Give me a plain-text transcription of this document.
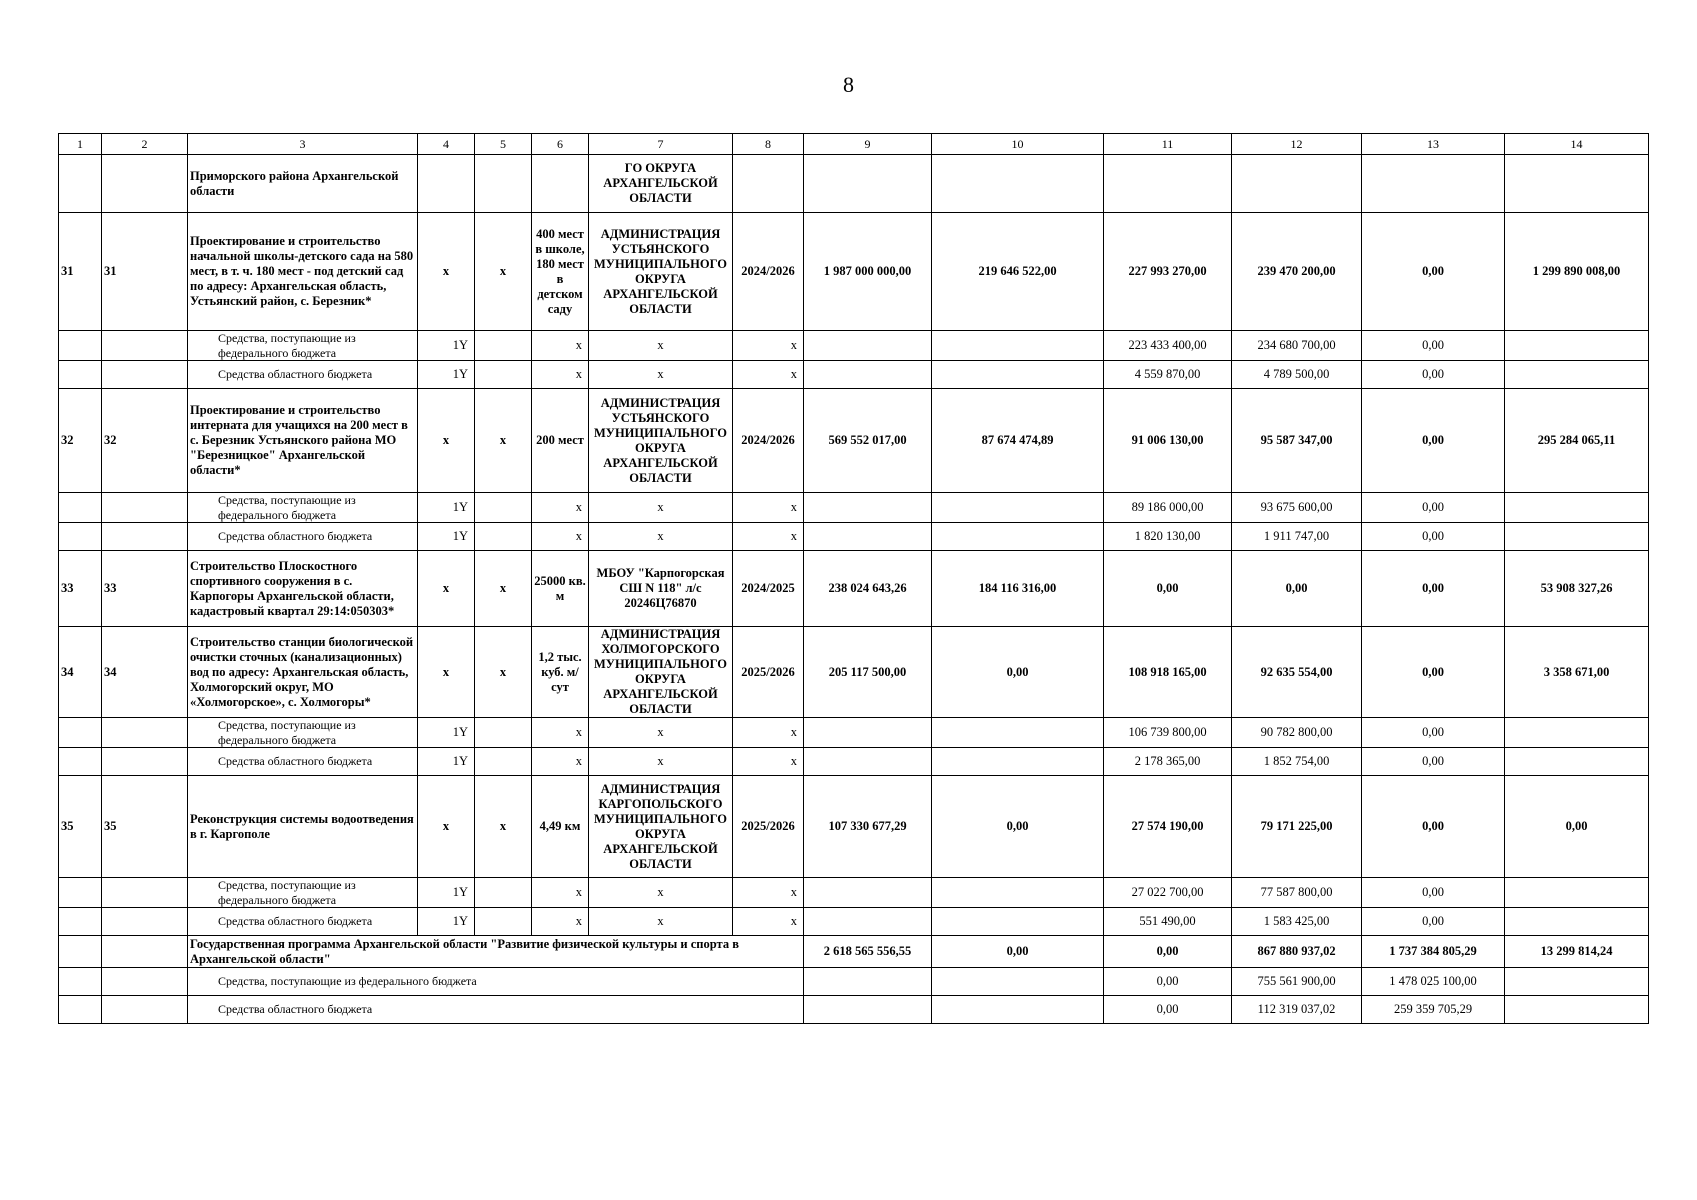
8
1	2	3	4	5	6	7	8	9	10	11	12	13	14
		Приморского района Архангельской области				ГО ОКРУГА АРХАНГЕЛЬСКОЙ ОБЛАСТИ							
31	31	Проектирование и строительство начальной школы-детского сада на 580 мест, в т. ч. 180 мест - под детский сад по адресу: Архангельская область, Устьянский район, с. Березник*	x	x	400 мест в школе, 180 мест в детском саду	АДМИНИСТРАЦИЯ УСТЬЯНСКОГО МУНИЦИПАЛЬНОГО ОКРУГА АРХАНГЕЛЬСКОЙ ОБЛАСТИ	2024/2026	1 987 000 000,00	219 646 522,00	227 993 270,00	239 470 200,00	0,00	1 299 890 008,00
		Средства, поступающие из федерального бюджета	1Y		x	x	x			223 433 400,00	234 680 700,00	0,00	
		Средства областного бюджета	1Y		x	x	x			4 559 870,00	4 789 500,00	0,00	
32	32	Проектирование и строительство интерната для учащихся на 200 мест в с. Березник Устьянского района МО "Березницкое" Архангельской области*	x	x	200 мест	АДМИНИСТРАЦИЯ УСТЬЯНСКОГО МУНИЦИПАЛЬНОГО ОКРУГА АРХАНГЕЛЬСКОЙ ОБЛАСТИ	2024/2026	569 552 017,00	87 674 474,89	91 006 130,00	95 587 347,00	0,00	295 284 065,11
		Средства, поступающие из федерального бюджета	1Y		x	x	x			89 186 000,00	93 675 600,00	0,00	
		Средства областного бюджета	1Y		x	x	x			1 820 130,00	1 911 747,00	0,00	
33	33	Строительство Плоскостного спортивного сооружения в с. Карпогоры Архангельской области, кадастровый квартал 29:14:050303*	x	x	25000 кв. м	МБОУ "Карпогорская СШ N 118" л/с 20246Ц76870	2024/2025	238 024 643,26	184 116 316,00	0,00	0,00	0,00	53 908 327,26
34	34	Строительство станции биологической очистки сточных (канализационных) вод по адресу: Архангельская область, Холмогорский округ, МО «Холмогорское», с. Холмогоры*	x	x	1,2 тыс. куб. м/сут	АДМИНИСТРАЦИЯ ХОЛМОГОРСКОГО МУНИЦИПАЛЬНОГО ОКРУГА АРХАНГЕЛЬСКОЙ ОБЛАСТИ	2025/2026	205 117 500,00	0,00	108 918 165,00	92 635 554,00	0,00	3 358 671,00
		Средства, поступающие из федерального бюджета	1Y		x	x	x			106 739 800,00	90 782 800,00	0,00	
		Средства областного бюджета	1Y		x	x	x			2 178 365,00	1 852 754,00	0,00	
35	35	Реконструкция системы водоотведения в г. Каргополе	x	x	4,49 км	АДМИНИСТРАЦИЯ КАРГОПОЛЬСКОГО МУНИЦИПАЛЬНОГО ОКРУГА АРХАНГЕЛЬСКОЙ ОБЛАСТИ	2025/2026	107 330 677,29	0,00	27 574 190,00	79 171 225,00	0,00	0,00
		Средства, поступающие из федерального бюджета	1Y		x	x	x			27 022 700,00	77 587 800,00	0,00	
		Средства областного бюджета	1Y		x	x	x			551 490,00	1 583 425,00	0,00	
		Государственная программа Архангельской области "Развитие физической культуры и спорта в Архангельской области"						2 618 565 556,55	0,00	0,00	867 880 937,02	1 737 384 805,29	13 299 814,24
		Средства, поступающие из федерального бюджета								0,00	755 561 900,00	1 478 025 100,00	
		Средства областного бюджета								0,00	112 319 037,02	259 359 705,29	
